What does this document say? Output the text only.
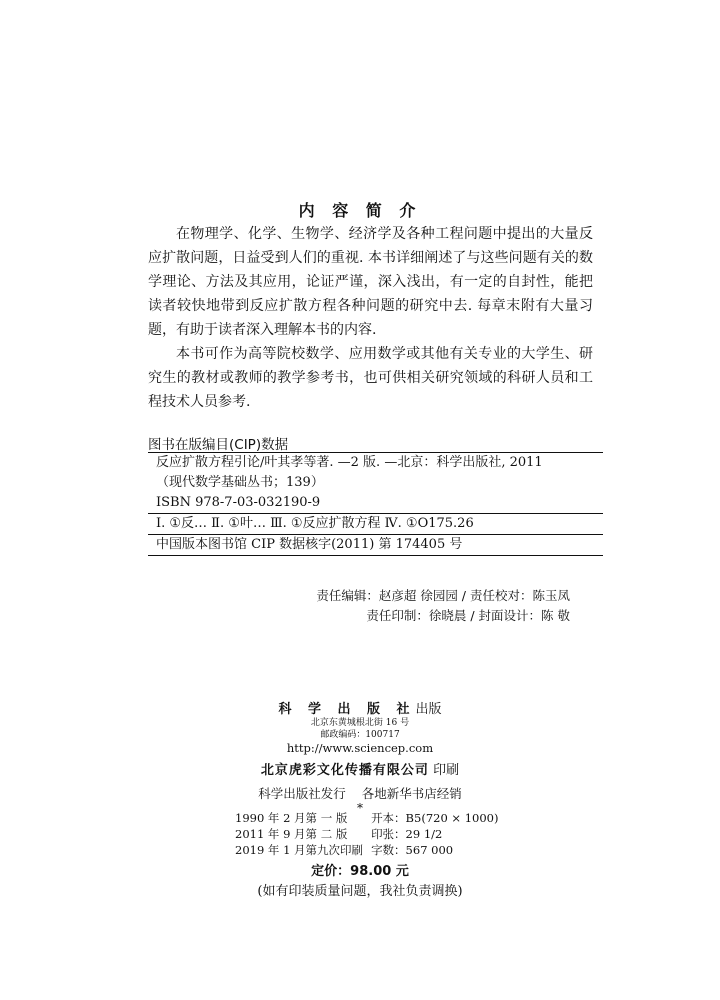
内 容 简 介

在物理学、化学、生物学、经济学及各种工程问题中提出的大量反应扩散问题，日益受到人们的重视. 本书详细阐述了与这些问题有关的数学理论、方法及其应用，论证严谨，深入浅出，有一定的自封性，能把读者较快地带到反应扩散方程各种问题的研究中去. 每章末附有大量习题，有助于读者深入理解本书的内容.

本书可作为高等院校数学、应用数学或其他有关专业的大学生、研究生的教材或教师的教学参考书，也可供相关研究领域的科研人员和工程技术人员参考.

图书在版编目(CIP)数据
反应扩散方程引论/叶其孝等著. —2 版. —北京：科学出版社, 2011
（现代数学基础丛书；139）
ISBN 978-7-03-032190-9
Ⅰ. ①反… Ⅱ. ①叶… Ⅲ. ①反应扩散方程 Ⅳ. ①O175.26
中国版本图书馆 CIP 数据核字(2011) 第 174405 号
责任编辑：赵彦超 徐园园 / 责任校对：陈玉凤
责任印制：徐晓晨 / 封面设计：陈 敬
科 学 出 版 社出版
北京东黄城根北街 16 号
邮政编码：100717
http://www.sciencep.com
北京虎彩文化传播有限公司 印刷
科学出版社发行 各地新华书店经销
*
1990 年 2 月第 一 版	开本：B5(720 × 1000)
2011 年 9 月第 二 版	印张：29 1/2
2019 年 1 月第九次印刷	字数：567 000
定价：98.00 元
(如有印装质量问题，我社负责调换)
